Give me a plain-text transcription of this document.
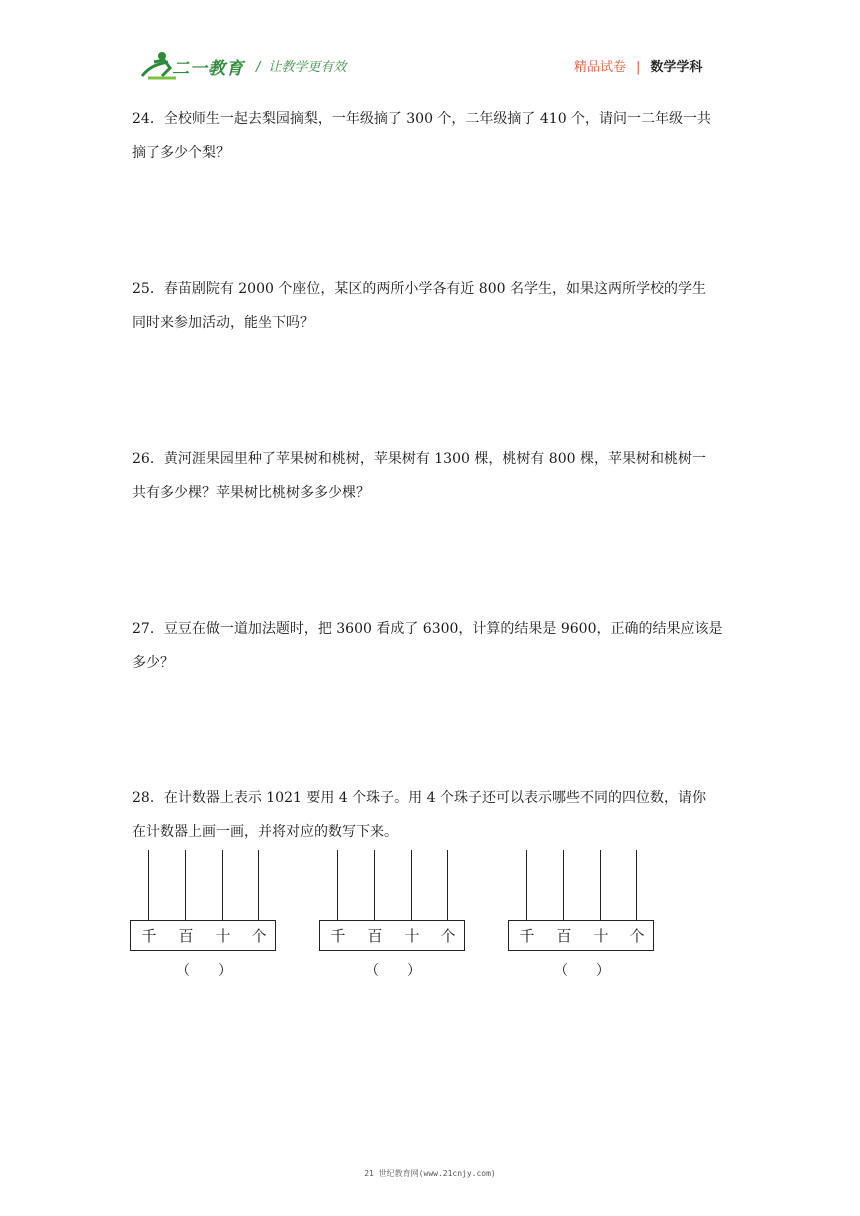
二一教育 / 让教学更有效	精品试卷 | 数学学科
24．全校师生一起去梨园摘梨，一年级摘了 300 个，二年级摘了 410 个，请问一二年级一共
摘了多少个梨？
25．春苗剧院有 2000 个座位，某区的两所小学各有近 800 名学生，如果这两所学校的学生
同时来参加活动，能坐下吗？
26．黄河涯果园里种了苹果树和桃树，苹果树有 1300 棵，桃树有 800 棵，苹果树和桃树一
共有多少棵？苹果树比桃树多多少棵？
27．豆豆在做一道加法题时，把 3600 看成了 6300，计算的结果是 9600，正确的结果应该是
多少？
28．在计数器上表示 1021 要用 4 个珠子。用 4 个珠子还可以表示哪些不同的四位数，请你
在计数器上画一画，并将对应的数写下来。
千 百 十 个
（　　）
千 百 十 个
（　　）
千 百 十 个
（　　）
21 世纪教育网(www.21cnjy.com)
